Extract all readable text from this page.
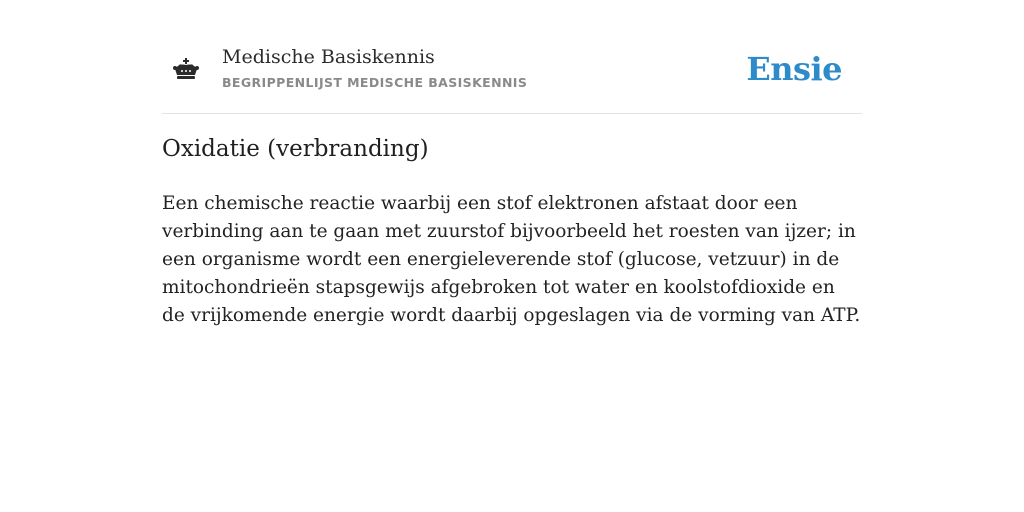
Medische Basiskennis
BEGRIPPENLIJST MEDISCHE BASISKENNIS	Ensie
Oxidatie (verbranding)

Een chemische reactie waarbij een stof elektronen afstaat door een verbinding aan te gaan met zuurstof bijvoorbeeld het roesten van ijzer; in een organisme wordt een energieleverende stof (glucose, vetzuur) in de mitochondrieën stapsgewijs afgebroken tot water en koolstofdioxide en de vrijkomende energie wordt daarbij opgeslagen via de vorming van ATP.
